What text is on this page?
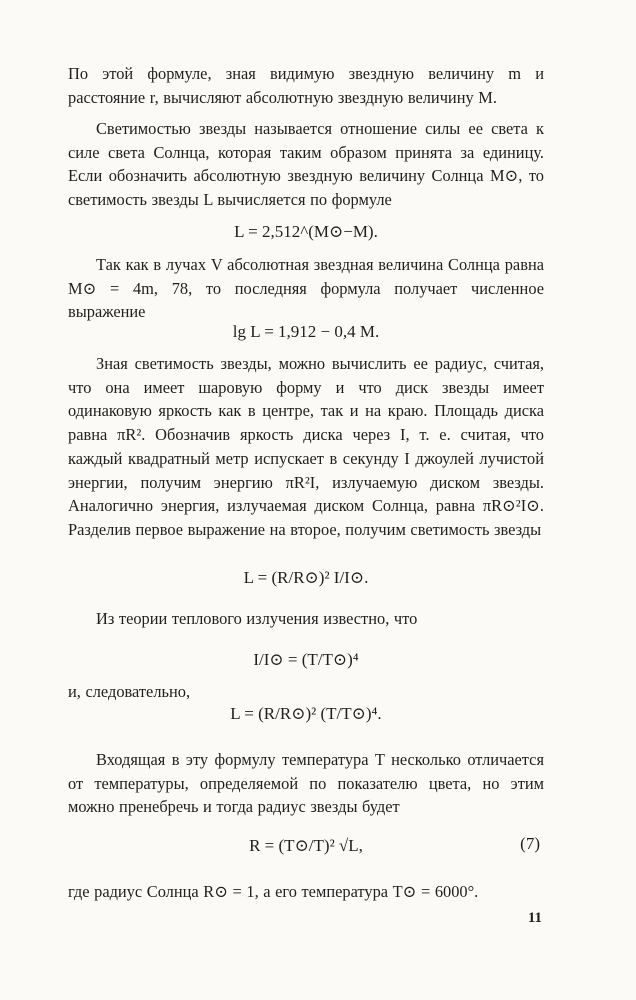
По этой формуле, зная видимую звездную величину m и расстояние r, вычисляют абсолютную звездную величину M.
Светимостью звезды называется отношение силы ее света к силе света Солнца, которая таким образом принята за единицу. Если обозначить абсолютную звездную величину Солнца M⊙, то светимость звезды L вычисляется по формуле
L = 2,512^(M⊙−M).
Так как в лучах V абсолютная звездная величина Солнца равна M⊙ = 4m, 78, то последняя формула получает численное выражение
lg L = 1,912 − 0,4 M.
Зная светимость звезды, можно вычислить ее радиус, считая, что она имеет шаровую форму и что диск звезды имеет одинаковую яркость как в центре, так и на краю. Площадь диска равна πR². Обозначив яркость диска через I, т. е. считая, что каждый квадратный метр испускает в секунду I джоулей лучистой энергии, получим энергию πR²I, излучаемую диском звезды. Аналогично энергия, излучаемая диском Солнца, равна πR⊙²I⊙. Разделив первое выражение на второе, получим светимость звезды
L = (R/R⊙)² I/I⊙.
Из теории теплового излучения известно, что
I/I⊙ = (T/T⊙)⁴
и, следовательно,
L = (R/R⊙)² (T/T⊙)⁴.
Входящая в эту формулу температура T несколько отличается от температуры, определяемой по показателю цвета, но этим можно пренебречь и тогда радиус звезды будет
R = (T⊙/T)² √L,	(7)
где радиус Солнца R⊙ = 1, а его температура T⊙ = 6000°.
11
